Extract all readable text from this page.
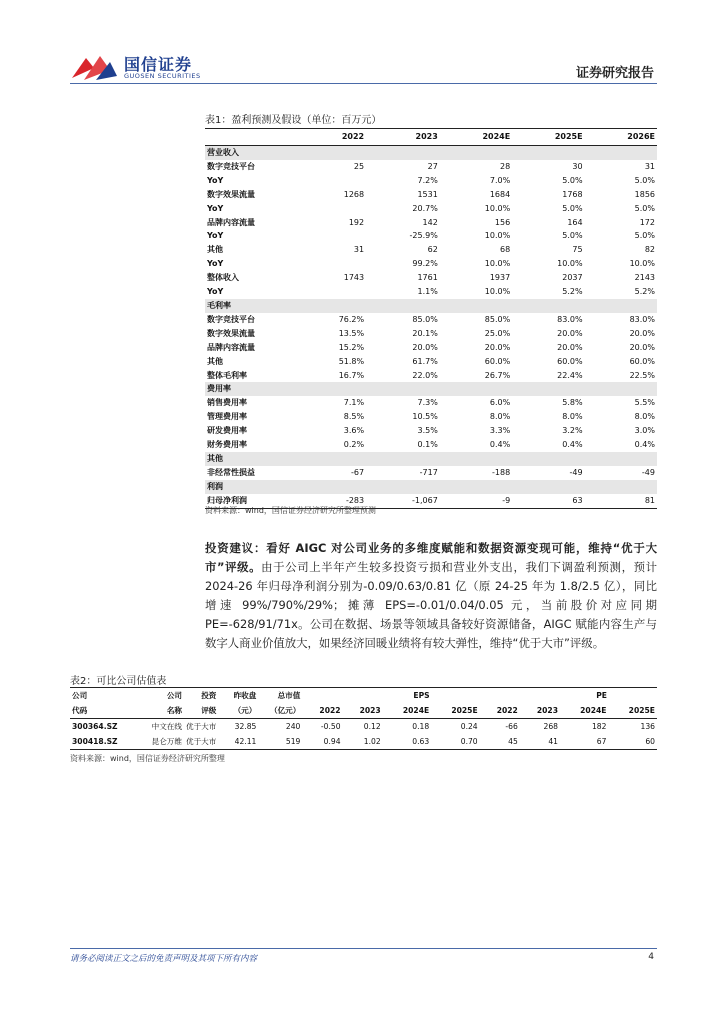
国信证券
GUOSEN SECURITIES	证券研究报告
表1：盈利预测及假设（单位：百万元）
	2022	2023	2024E	2025E	2026E
营业收入					
数字竞技平台	25	27	28	30	31
YoY		7.2%	7.0%	5.0%	5.0%
数字效果流量	1268	1531	1684	1768	1856
YoY		20.7%	10.0%	5.0%	5.0%
品牌内容流量	192	142	156	164	172
YoY		-25.9%	10.0%	5.0%	5.0%
其他	31	62	68	75	82
YoY		99.2%	10.0%	10.0%	10.0%
整体收入	1743	1761	1937	2037	2143
YoY		1.1%	10.0%	5.2%	5.2%
毛利率					
数字竞技平台	76.2%	85.0%	85.0%	83.0%	83.0%
数字效果流量	13.5%	20.1%	25.0%	20.0%	20.0%
品牌内容流量	15.2%	20.0%	20.0%	20.0%	20.0%
其他	51.8%	61.7%	60.0%	60.0%	60.0%
整体毛利率	16.7%	22.0%	26.7%	22.4%	22.5%
费用率					
销售费用率	7.1%	7.3%	6.0%	5.8%	5.5%
管理费用率	8.5%	10.5%	8.0%	8.0%	8.0%
研发费用率	3.6%	3.5%	3.3%	3.2%	3.0%
财务费用率	0.2%	0.1%	0.4%	0.4%	0.4%
其他					
非经常性损益	-67	-717	-188	-49	-49
利润					
归母净利润	-283	-1,067	-9	63	81
资料来源：wind，国信证券经济研究所整理预测
投资建议：看好 AIGC 对公司业务的多维度赋能和数据资源变现可能，维持“优于大市”评级。由于公司上半年产生较多投资亏损和营业外支出，我们下调盈利预测，预计 2024-26 年归母净利润分别为-0.09/0.63/0.81 亿（原 24-25 年为 1.8/2.5 亿），同比增速 99%/790%/29%；摊薄 EPS=-0.01/0.04/0.05 元，当前股价对应同期 PE=-628/91/71x。公司在数据、场景等领域具备较好资源储备，AIGC 赋能内容生产与数字人商业价值放大，如果经济回暖业绩将有较大弹性，维持“优于大市”评级。
表2：可比公司估值表
公司	公司	投资	昨收盘	总市值	EPS				PE			
代码	名称	评级	（元）	（亿元）	2022	2023	2024E	2025E	2022	2023	2024E	2025E
300364.SZ	中文在线	优于大市	32.85	240	-0.50	0.12	0.18	0.24	-66	268	182	136
300418.SZ	昆仑万维	优于大市	42.11	519	0.94	1.02	0.63	0.70	45	41	67	60
资料来源：wind，国信证券经济研究所整理
请务必阅读正文之后的免责声明及其项下所有内容	4
